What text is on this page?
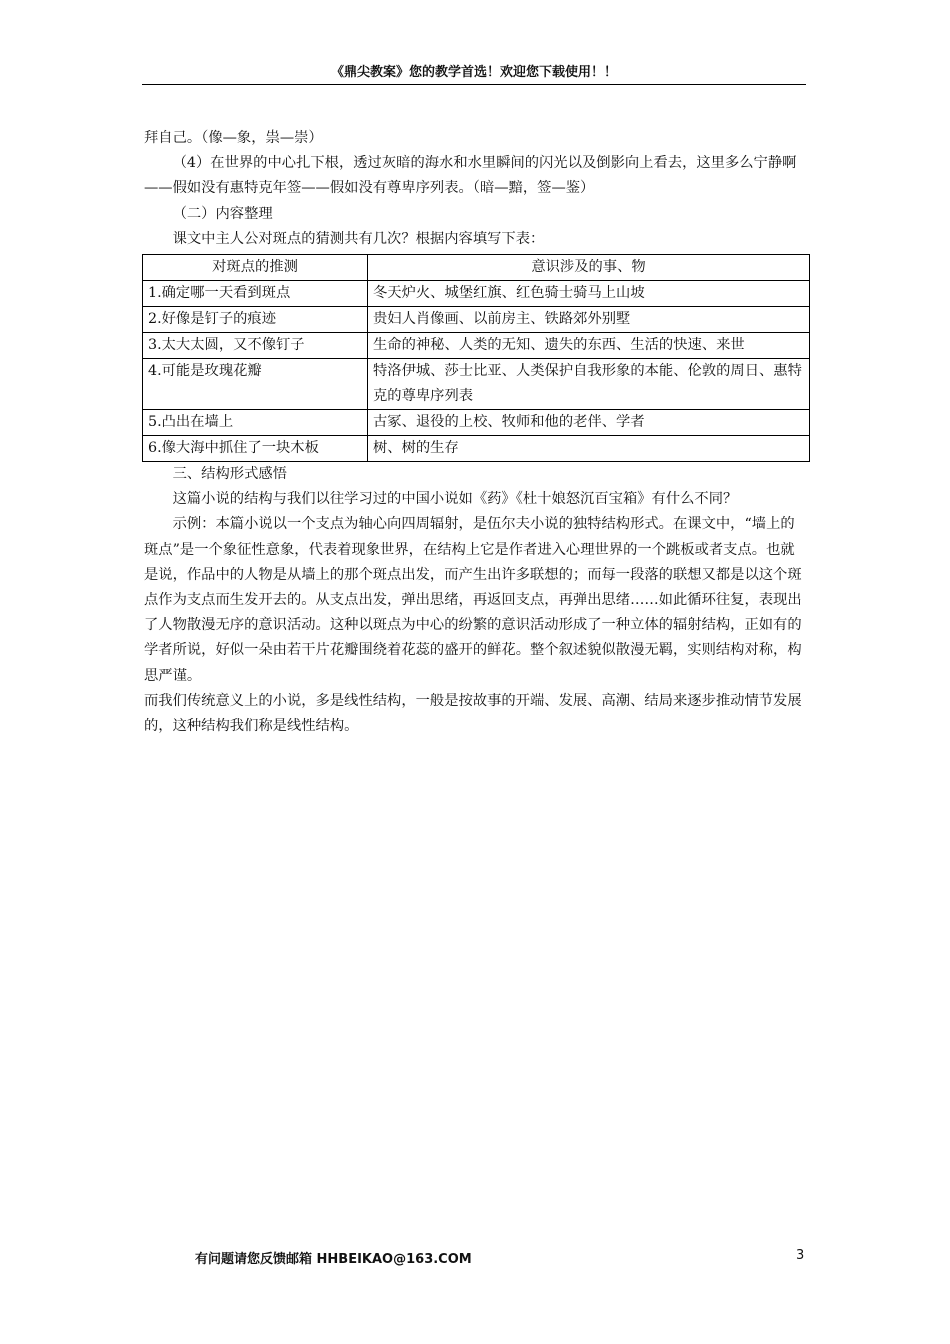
《鼎尖教案》您的教学首选！欢迎您下载使用！！

拜自己。（像—象，祟—崇）

（4）在世界的中心扎下根，透过灰暗的海水和水里瞬间的闪光以及倒影向上看去，这里多么宁静啊——假如没有惠特克年签——假如没有尊卑序列表。（暗—黯，签—鉴）

（二）内容整理

课文中主人公对斑点的猜测共有几次？根据内容填写下表：

对斑点的推测	意识涉及的事、物
1.确定哪一天看到斑点	冬天炉火、城堡红旗、红色骑士骑马上山坡
2.好像是钉子的痕迹	贵妇人肖像画、以前房主、铁路郊外别墅
3.太大太圆，又不像钉子	生命的神秘、人类的无知、遗失的东西、生活的快速、来世
4.可能是玫瑰花瓣	特洛伊城、莎士比亚、人类保护自我形象的本能、伦敦的周日、惠特克的尊卑序列表
5.凸出在墙上	古冢、退役的上校、牧师和他的老伴、学者
6.像大海中抓住了一块木板	树、树的生存

三、结构形式感悟

这篇小说的结构与我们以往学习过的中国小说如《药》《杜十娘怒沉百宝箱》有什么不同？

示例：本篇小说以一个支点为轴心向四周辐射，是伍尔夫小说的独特结构形式。在课文中，“墙上的斑点”是一个象征性意象，代表着现象世界，在结构上它是作者进入心理世界的一个跳板或者支点。也就是说，作品中的人物是从墙上的那个斑点出发，而产生出许多联想的；而每一段落的联想又都是以这个斑点作为支点而生发开去的。从支点出发，弹出思绪，再返回支点，再弹出思绪……如此循环往复，表现出了人物散漫无序的意识活动。这种以斑点为中心的纷繁的意识活动形成了一种立体的辐射结构，正如有的学者所说，好似一朵由若干片花瓣围绕着花蕊的盛开的鲜花。整个叙述貌似散漫无羁，实则结构对称，构思严谨。

而我们传统意义上的小说，多是线性结构，一般是按故事的开端、发展、高潮、结局来逐步推动情节发展的，这种结构我们称是线性结构。

有问题请您反馈邮箱 HHBEIKAO@163.COM	3
